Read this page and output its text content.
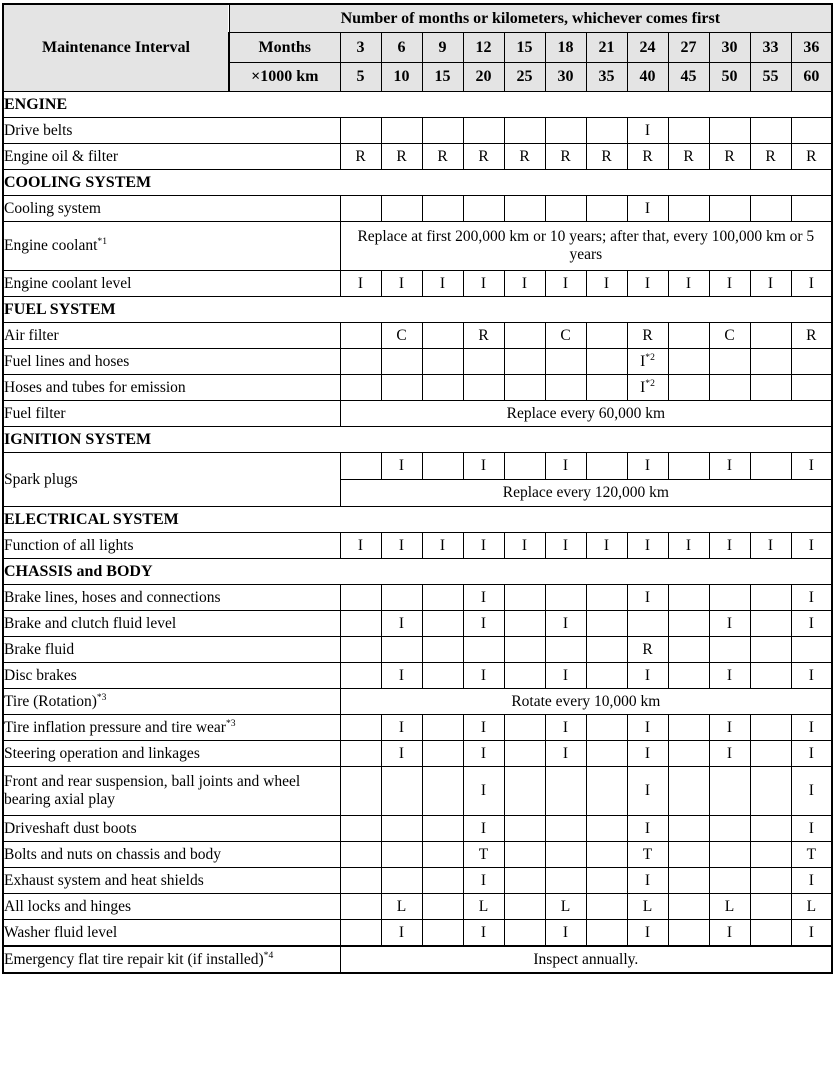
Maintenance Interval	Number of months or kilometers, whichever comes first												
	Months	3	6	9	12	15	18	21	24	27	30	33	36
	×1000 km	5	10	15	20	25	30	35	40	45	50	55	60
ENGINE													
Drive belts									I				
Engine oil & filter		R	R	R	R	R	R	R	R	R	R	R	R
COOLING SYSTEM													
Cooling system									I				
Engine coolant$^{*1}$		Replace at first 200,000 km or 10 years; after that, every 100,000 km or 5 years											
Engine coolant level		I	I	I	I	I	I	I	I	I	I	I	I
FUEL SYSTEM													
Air filter			C		R		C		R		C		R
Fuel lines and hoses									$I^{*2}$				
Hoses and tubes for emission									$I^{*2}$				
Fuel filter		Replace every 60,000 km											
IGNITION SYSTEM													
Spark plugs			I		I		I		I		I		I
		Replace every 120,000 km											
ELECTRICAL SYSTEM													
Function of all lights		I	I	I	I	I	I	I	I	I	I	I	I
CHASSIS and BODY													
Brake lines, hoses and connections					I				I				I
Brake and clutch fluid level			I		I		I				I		I
Brake fluid									R				
Disc brakes			I		I		I		I		I		I
Tire (Rotation)$^{*3}$		Rotate every 10,000 km											
Tire inflation pressure and tire wear$^{*3}$			I		I		I		I		I		I
Steering operation and linkages			I		I		I		I		I		I
Front and rear suspension, ball joints and wheel bearing axial play					I				I				I
Driveshaft dust boots					I				I				I
Bolts and nuts on chassis and body					T				T				T
Exhaust system and heat shields					I				I				I
All locks and hinges			L		L		L		L		L		L
Washer fluid level			I		I		I		I		I		I
Emergency flat tire repair kit (if installed)$^{*4}$		Inspect annually.											
